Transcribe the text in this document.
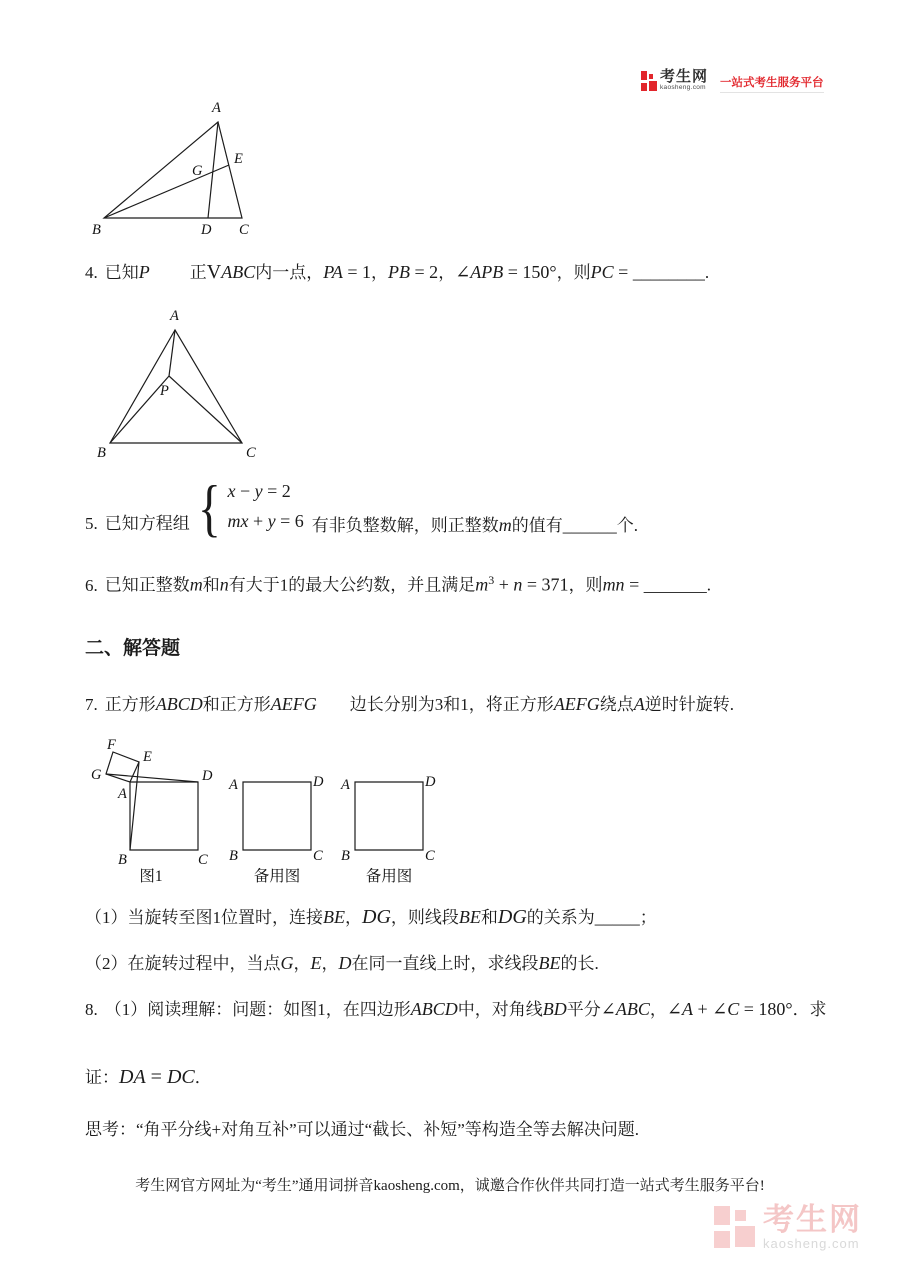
考生网
kaosheng.com 一站式考生服务平台
A
B	C
D
E
G

4. 已知P 正VABC内一点，PA = 1，PB = 2，∠APB = 150°，则PC = ________.

A
B	C
P
5. 已知方程组 { x − y = 2
mx + y = 6 有非负整数解，则正整数m的值有______个.

6. 已知正整数m和n有大于1的最大公约数，并且满足$m^3 + n = 371$，则mn = _______.

二、解答题

7. 正方形ABCD和正方形AEFG 边长分别为3和1，将正方形AEFG绕点A逆时针旋转.

F
E
G
A
D
B	C
图1
A	D
B	C
备用图
A	D
B	C
备用图

（1）当旋转至图1位置时，连接BE，DG，则线段BE和DG的关系为_____；

（2）在旋转过程中，当点G，E，D在同一直线上时，求线段BE的长.

8. （1）阅读理解：问题：如图1，在四边形ABCD中，对角线BD平分∠ABC，∠A + ∠C = 180°．求

证：DA = DC．

思考：“角平分线+对角互补”可以通过“截长、补短”等构造全等去解决问题.

考生网官方网址为“考生”通用词拼音kaosheng.com，诚邀合作伙伴共同打造一站式考生服务平台!

考生网
kaosheng.com
